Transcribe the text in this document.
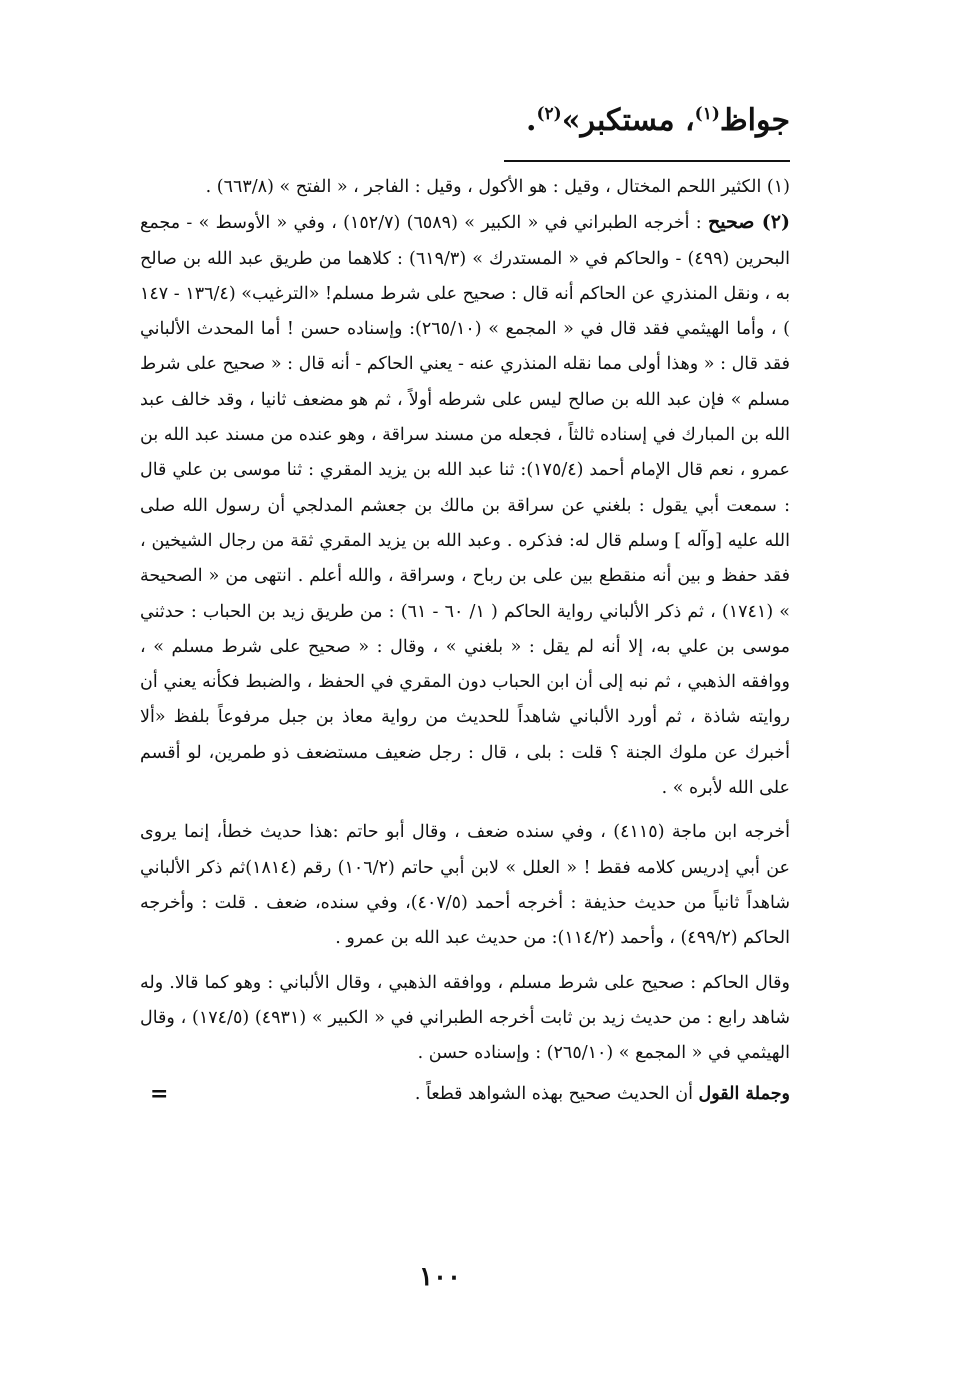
جواظ$^{(١)}$، مستكبر»$^{(٢)}$.

(١) الكثير اللحم المختال ، وقيل : هو الأكول ، وقيل : الفاجر ، « الفتح » (٦٦٣/٨) .

(٢) صحيح : أخرجه الطبراني في « الكبير » (٦٥٨٩) (١٥٢/٧) ، وفي « الأوسط » - مجمع البحرين (٤٩٩) - والحاكم في « المستدرك » (٦١٩/٣) : كلاهما من طريق عبد الله بن صالح به ، ونقل المنذري عن الحاكم أنه قال : صحيح على شرط مسلم! «الترغيب» (١٣٦/٤ - ١٤٧ ) ، وأما الهيثمي فقد قال في « المجمع » (٢٦٥/١٠): وإسناده حسن ! أما المحدث الألباني فقد قال : « وهذا أولى مما نقله المنذري عنه - يعني الحاكم - أنه قال : « صحيح على شرط مسلم » فإن عبد الله بن صالح ليس على شرطه أولاً ، ثم هو مضعف ثانيا ، وقد خالف عبد الله بن المبارك في إسناده ثالثاً ، فجعله من مسند سراقة ، وهو عنده من مسند عبد الله بن عمرو ، نعم قال الإمام أحمد (١٧٥/٤): ثنا عبد الله بن يزيد المقري : ثنا موسى بن علي قال : سمعت أبي يقول : بلغني عن سراقة بن مالك بن جعشم المدلجي أن رسول الله صلى الله عليه [وآله ] وسلم قال له: فذكره . وعبد الله بن يزيد المقري ثقة من رجال الشيخين ، فقد حفظ و بين أنه منقطع بين على بن رباح ، وسراقة ، والله أعلم . انتهى من « الصحيحة » (١٧٤١) ، ثم ذكر الألباني رواية الحاكم ( ١/ ٦٠ - ٦١) : من طريق زيد بن الحباب : حدثني موسى بن علي به، إلا أنه لم يقل : « بلغني » ، وقال : « صحيح على شرط مسلم » ، ووافقه الذهبي ، ثم نبه إلى أن ابن الحباب دون المقري في الحفظ ، والضبط فكأنه يعني أن روايته شاذة ، ثم أورد الألباني شاهداً للحديث من رواية معاذ بن جبل مرفوعاً بلفظ «ألا أخبرك عن ملوك الجنة ؟ قلت : بلى ، قال : رجل ضعيف مستضعف ذو طمرين، لو أقسم على الله لأبره » .

أخرجه ابن ماجة (٤١١٥) ، وفي سنده ضعف ، وقال أبو حاتم :هذا حديث خطأ، إنما يروى عن أبي إدريس كلامه فقط ! « العلل » لابن أبي حاتم (١٠٦/٢) رقم (١٨١٤)ثم ذكر الألباني شاهداً ثانياً من حديث حذيفة : أخرجه أحمد (٤٠٧/٥)، وفي سنده، ضعف . قلت : وأخرجه الحاكم (٤٩٩/٢) ، وأحمد (١١٤/٢): من حديث عبد الله بن عمرو .

وقال الحاكم : صحيح على شرط مسلم ، ووافقه الذهبي ، وقال الألباني : وهو كما قالا. وله شاهد رابع : من حديث زيد بن ثابت أخرجه الطبراني في « الكبير » (٤٩٣١) (١٧٤/٥) ، وقال الهيثمي في « المجمع » (٢٦٥/١٠) : وإسناده حسن .

وجملة القول أن الحديث صحيح بهذه الشواهد قطعاً .
=

١٠٠
